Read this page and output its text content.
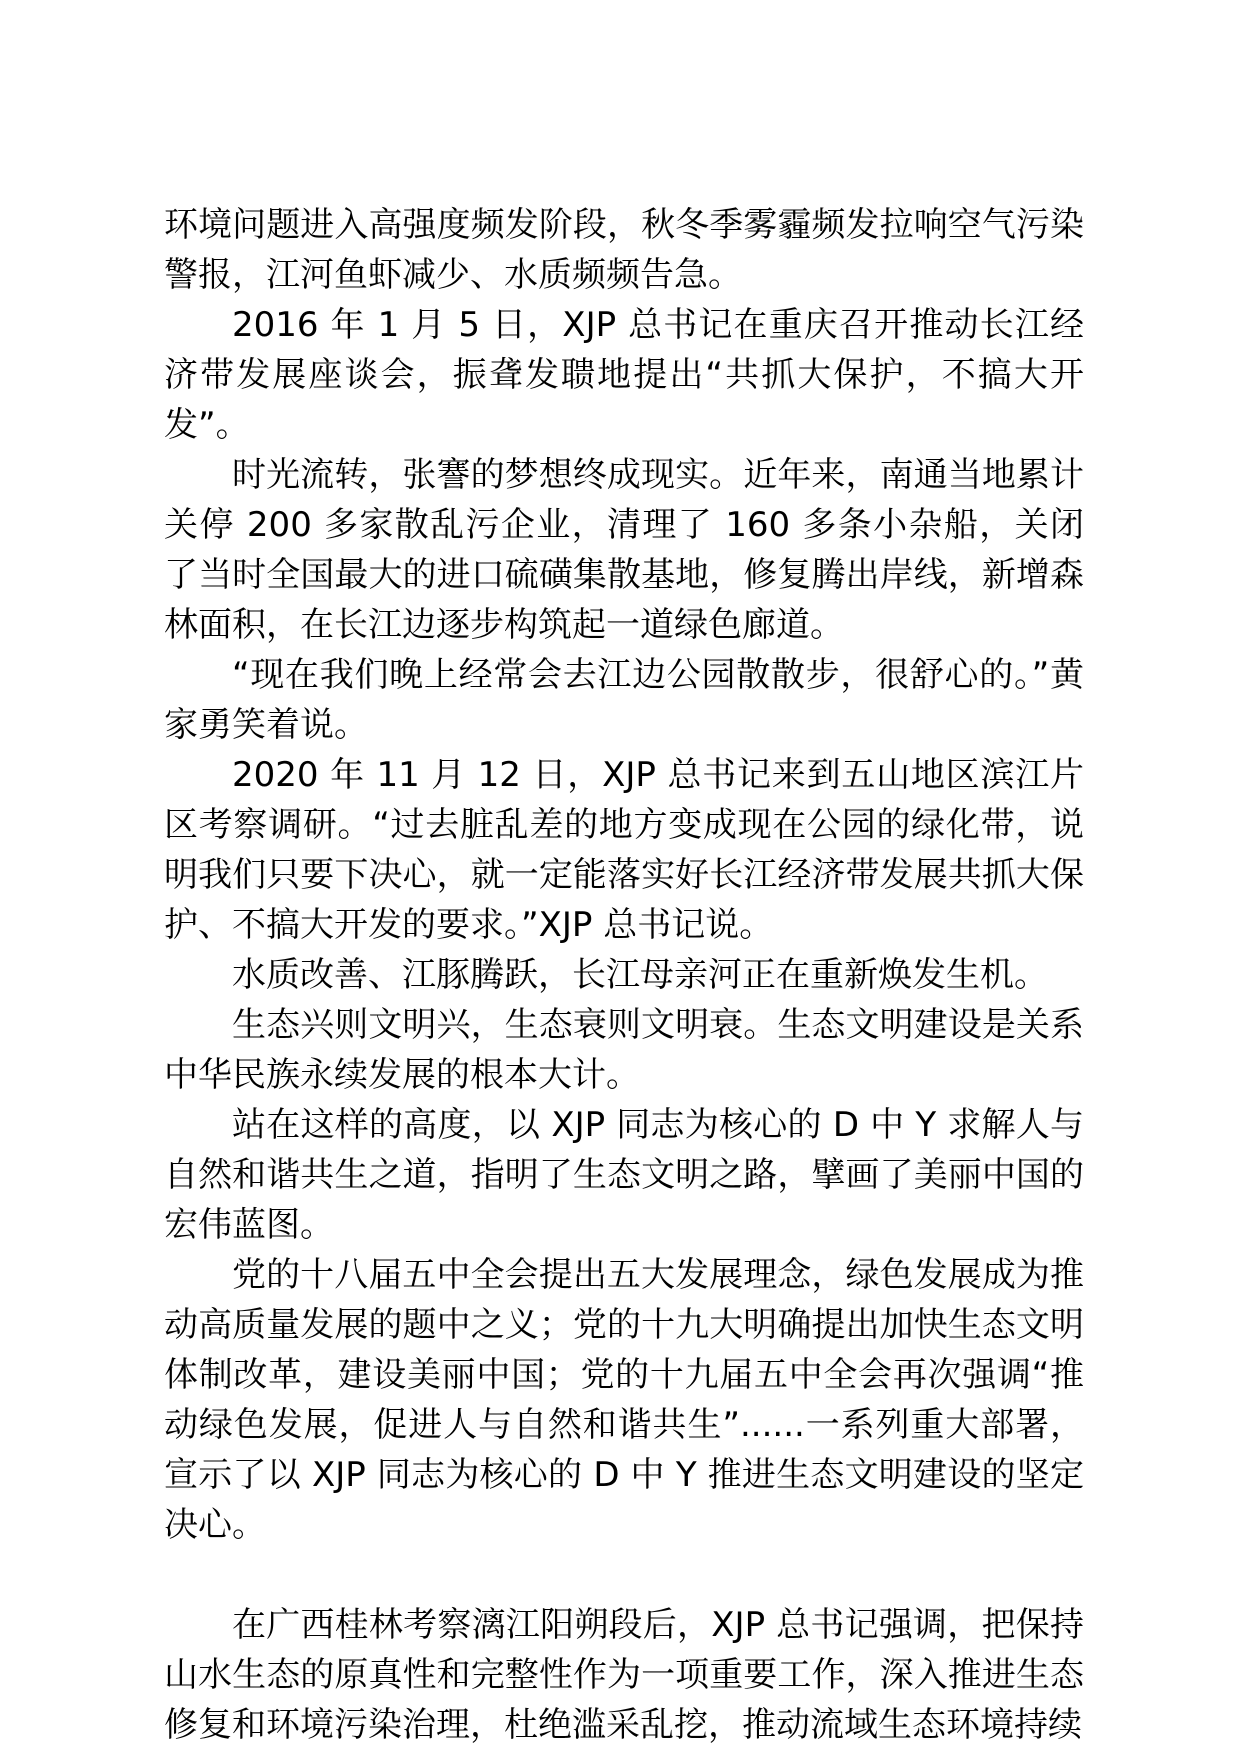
环境问题进入高强度频发阶段，秋冬季雾霾频发拉响空气污染警报，江河鱼虾减少、水质频频告急。

2016 年 1 月 5 日，XJP 总书记在重庆召开推动长江经济带发展座谈会，振聋发聩地提出“共抓大保护，不搞大开发”。

时光流转，张謇的梦想终成现实。近年来，南通当地累计关停 200 多家散乱污企业，清理了 160 多条小杂船，关闭了当时全国最大的进口硫磺集散基地，修复腾出岸线，新增森林面积，在长江边逐步构筑起一道绿色廊道。

“现在我们晚上经常会去江边公园散散步，很舒心的。”黄家勇笑着说。

2020 年 11 月 12 日，XJP 总书记来到五山地区滨江片区考察调研。“过去脏乱差的地方变成现在公园的绿化带，说明我们只要下决心，就一定能落实好长江经济带发展共抓大保护、不搞大开发的要求。”XJP 总书记说。

水质改善、江豚腾跃，长江母亲河正在重新焕发生机。

生态兴则文明兴，生态衰则文明衰。生态文明建设是关系中华民族永续发展的根本大计。

站在这样的高度，以 XJP 同志为核心的 D 中 Y 求解人与自然和谐共生之道，指明了生态文明之路，擘画了美丽中国的宏伟蓝图。

党的十八届五中全会提出五大发展理念，绿色发展成为推动高质量发展的题中之义；党的十九大明确提出加快生态文明体制改革，建设美丽中国；党的十九届五中全会再次强调“推动绿色发展，促进人与自然和谐共生”......一系列重大部署，宣示了以 XJP 同志为核心的 D 中 Y 推进生态文明建设的坚定决心。

在广西桂林考察漓江阳朔段后，XJP 总书记强调，把保持山水生态的原真性和完整性作为一项重要工作，深入推进生态修复和环境污染治理，杜绝滥采乱挖，推动流域生态环境持续
